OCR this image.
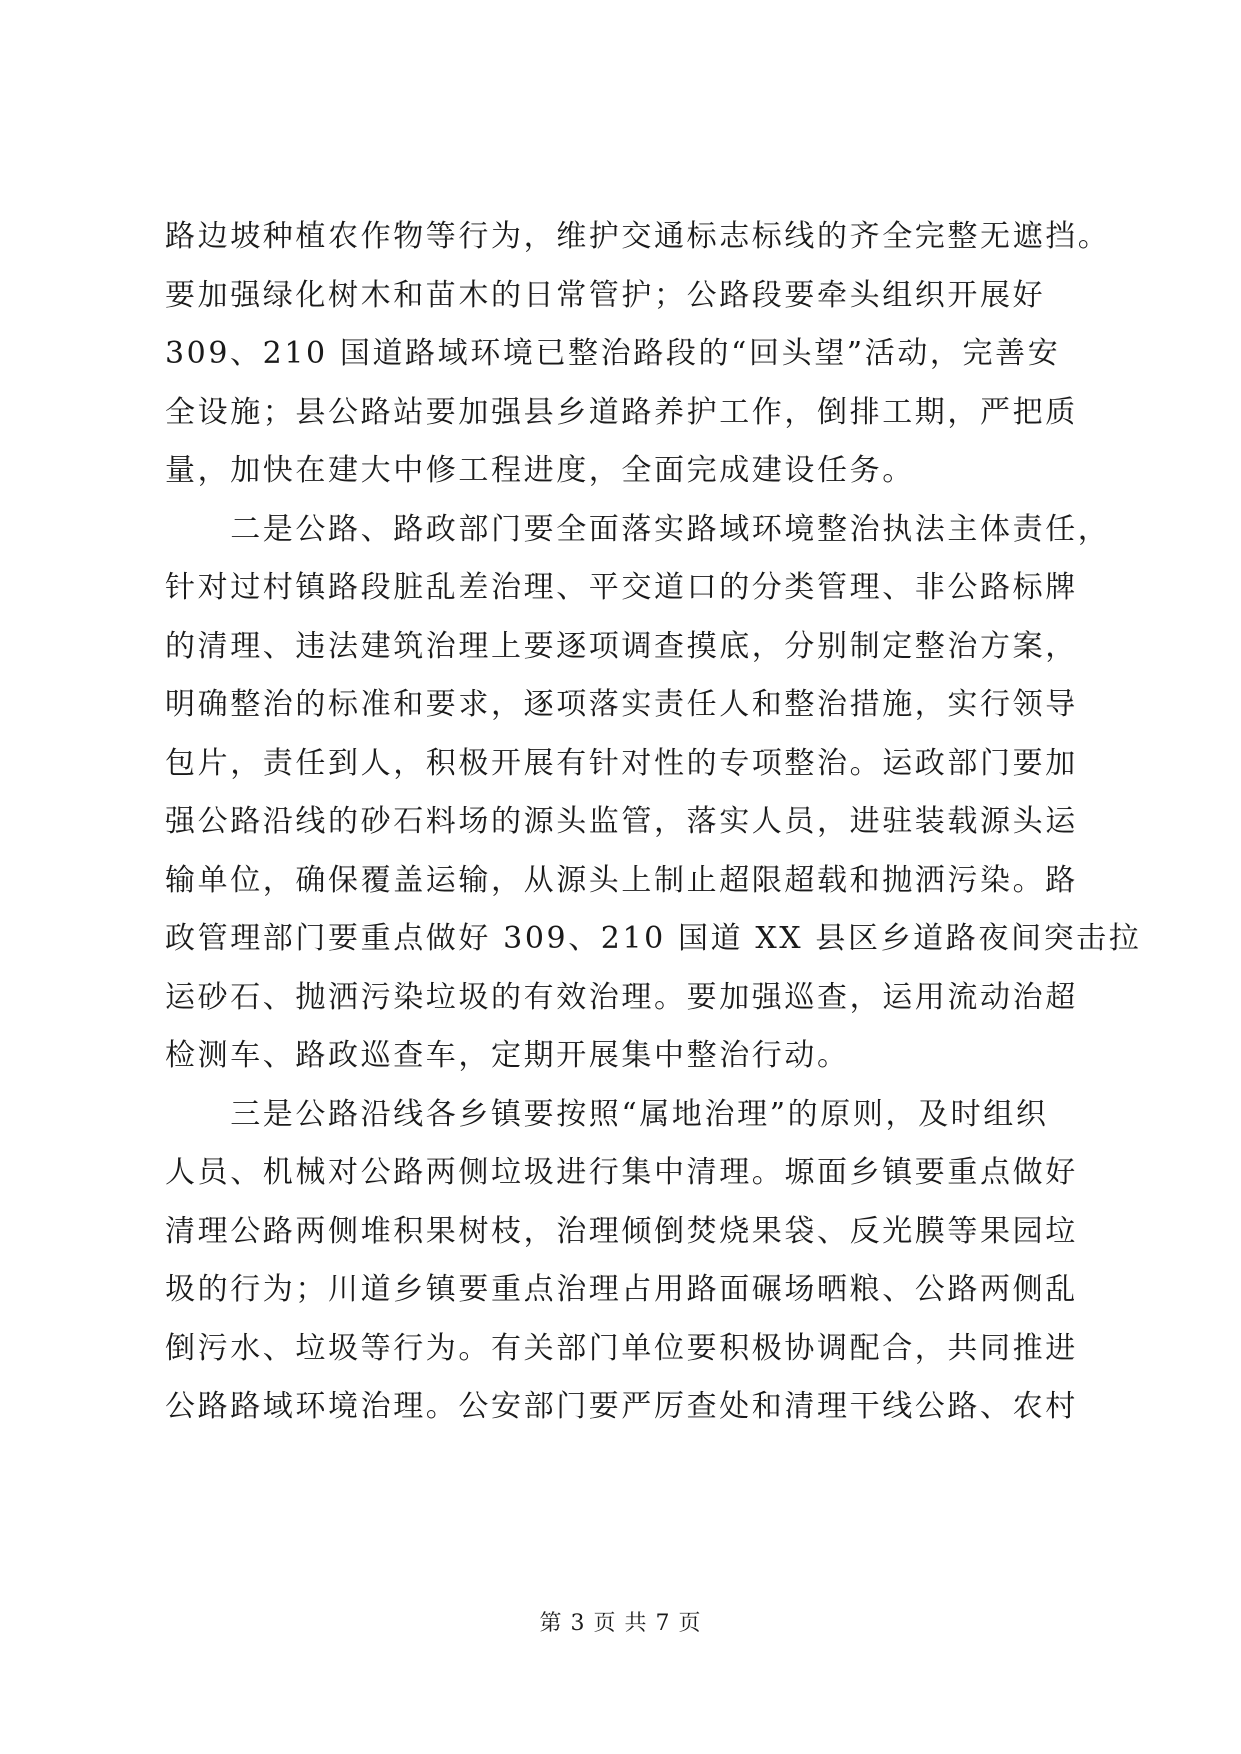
路边坡种植农作物等行为，维护交通标志标线的齐全完整无遮挡。
要加强绿化树木和苗木的日常管护；公路段要牵头组织开展好
309、210 国道路域环境已整治路段的“回头望”活动，完善安
全设施；县公路站要加强县乡道路养护工作，倒排工期，严把质
量，加快在建大中修工程进度，全面完成建设任务。
　　二是公路、路政部门要全面落实路域环境整治执法主体责任，
针对过村镇路段脏乱差治理、平交道口的分类管理、非公路标牌
的清理、违法建筑治理上要逐项调查摸底，分别制定整治方案，
明确整治的标准和要求，逐项落实责任人和整治措施，实行领导
包片，责任到人，积极开展有针对性的专项整治。运政部门要加
强公路沿线的砂石料场的源头监管，落实人员，进驻装载源头运
输单位，确保覆盖运输，从源头上制止超限超载和抛洒污染。路
政管理部门要重点做好 309、210 国道 XX 县区乡道路夜间突击拉
运砂石、抛洒污染垃圾的有效治理。要加强巡查，运用流动治超
检测车、路政巡查车，定期开展集中整治行动。
　　三是公路沿线各乡镇要按照“属地治理”的原则，及时组织
人员、机械对公路两侧垃圾进行集中清理。塬面乡镇要重点做好
清理公路两侧堆积果树枝，治理倾倒焚烧果袋、反光膜等果园垃
圾的行为；川道乡镇要重点治理占用路面碾场晒粮、公路两侧乱
倒污水、垃圾等行为。有关部门单位要积极协调配合，共同推进
公路路域环境治理。公安部门要严厉查处和清理干线公路、农村
第 3 页 共 7 页
